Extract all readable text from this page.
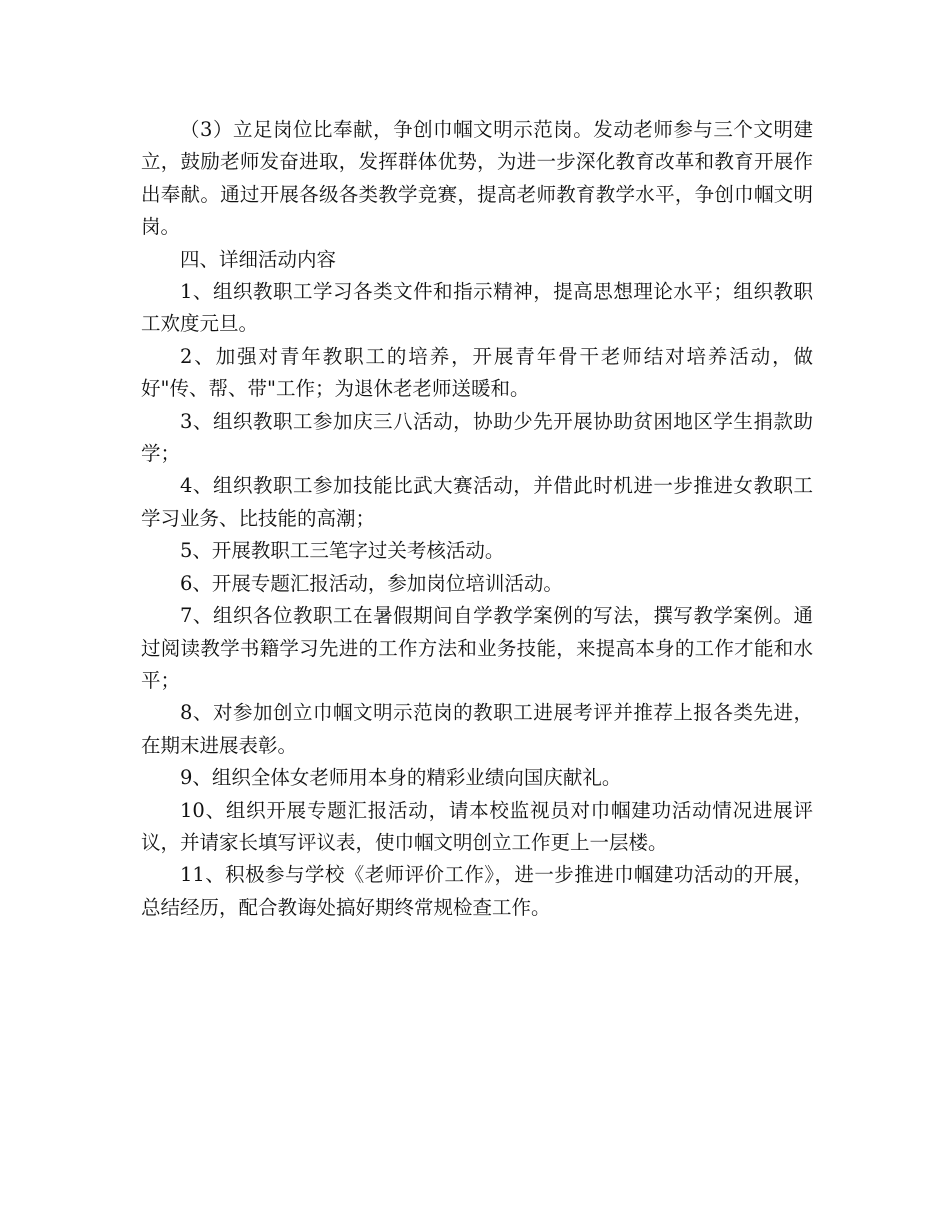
（3）立足岗位比奉献，争创巾帼文明示范岗。发动老师参与三个文明建立，鼓励老师发奋进取，发挥群体优势，为进一步深化教育改革和教育开展作出奉献。通过开展各级各类教学竞赛，提高老师教育教学水平，争创巾帼文明岗。

四、详细活动内容

1、组织教职工学习各类文件和指示精神，提高思想理论水平；组织教职工欢度元旦。

2、加强对青年教职工的培养，开展青年骨干老师结对培养活动，做好"传、帮、带"工作；为退休老老师送暖和。

3、组织教职工参加庆三八活动，协助少先开展协助贫困地区学生捐款助学；

4、组织教职工参加技能比武大赛活动，并借此时机进一步推进女教职工学习业务、比技能的高潮；

5、开展教职工三笔字过关考核活动。

6、开展专题汇报活动，参加岗位培训活动。

7、组织各位教职工在暑假期间自学教学案例的写法，撰写教学案例。通过阅读教学书籍学习先进的工作方法和业务技能，来提高本身的工作才能和水平；

8、对参加创立巾帼文明示范岗的教职工进展考评并推荐上报各类先进，在期末进展表彰。

9、组织全体女老师用本身的精彩业绩向国庆献礼。

10、组织开展专题汇报活动，请本校监视员对巾帼建功活动情况进展评议，并请家长填写评议表，使巾帼文明创立工作更上一层楼。

11、积极参与学校《老师评价工作》，进一步推进巾帼建功活动的开展，总结经历，配合教诲处搞好期终常规检查工作。
